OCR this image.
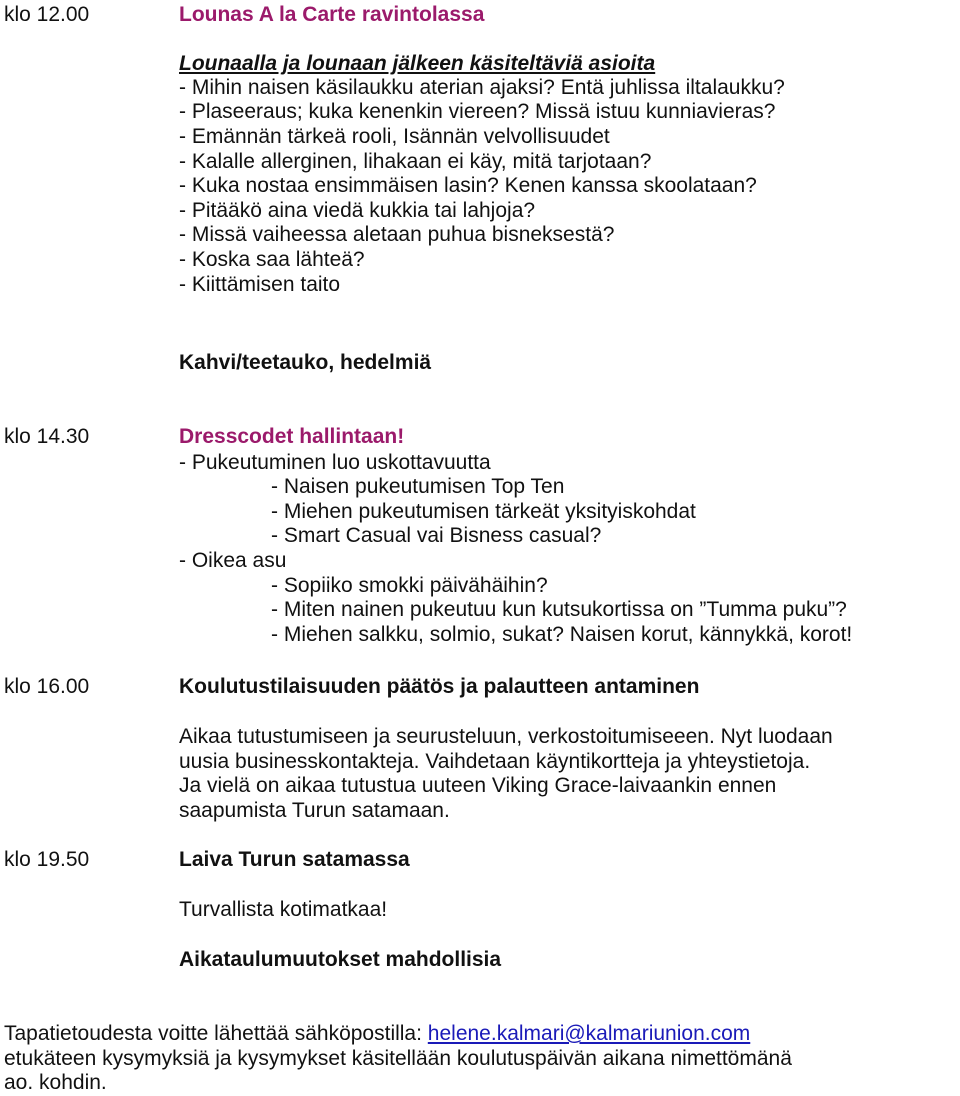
klo 12.00	Lounas A la Carte ravintolassa
Lounaalla ja lounaan jälkeen käsiteltäviä asioita
- Mihin naisen käsilaukku aterian ajaksi? Entä juhlissa iltalaukku?
- Plaseeraus; kuka kenenkin viereen? Missä istuu kunniavieras?
- Emännän tärkeä rooli, Isännän velvollisuudet
- Kalalle allerginen, lihakaan ei käy, mitä tarjotaan?
- Kuka nostaa ensimmäisen lasin? Kenen kanssa skoolataan?
- Pitääkö aina viedä kukkia tai lahjoja?
- Missä vaiheessa aletaan puhua bisneksestä?
- Koska saa lähteä?
- Kiittämisen taito
Kahvi/teetauko, hedelmiä
klo 14.30	Dresscodet hallintaan!
- Pukeutuminen luo uskottavuutta
- Naisen pukeutumisen Top Ten
- Miehen pukeutumisen tärkeät yksityiskohdat
- Smart Casual vai Bisness casual?
- Oikea asu
- Sopiiko smokki päivähäihin?
- Miten nainen pukeutuu kun kutsukortissa on ”Tumma puku”?
- Miehen salkku, solmio, sukat? Naisen korut, kännykkä, korot!
klo 16.00	Koulutustilaisuuden päätös ja palautteen antaminen
Aikaa tutustumiseen ja seurusteluun, verkostoitumiseeen. Nyt luodaan
uusia businesskontakteja. Vaihdetaan käyntikortteja ja yhteystietoja.
Ja vielä on aikaa tutustua uuteen Viking Grace-laivaankin ennen
saapumista Turun satamaan.
klo 19.50	Laiva Turun satamassa
Turvallista kotimatkaa!
Aikataulumuutokset mahdollisia
Tapatietoudesta voitte lähettää sähköpostilla: helene.kalmari@kalmariunion.com
etukäteen kysymyksiä ja kysymykset käsitellään koulutuspäivän aikana nimettömänä
ao. kohdin.
